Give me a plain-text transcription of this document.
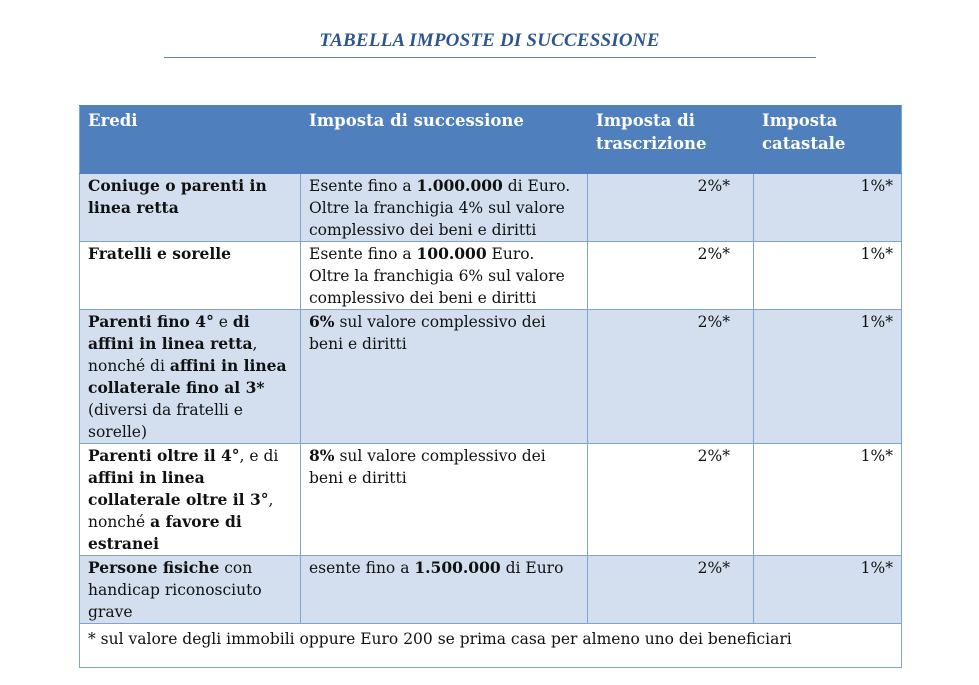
TABELLA IMPOSTE DI SUCCESSIONE
Eredi	Imposta di successione	Imposta di trascrizione	Imposta catastale
Coniuge o parenti in linea retta	Esente fino a 1.000.000 di Euro. Oltre la franchigia 4% sul valore complessivo dei beni e diritti	2%*	1%*
Fratelli e sorelle	Esente fino a 100.000 Euro. Oltre la franchigia 6% sul valore complessivo dei beni e diritti	2%*	1%*
Parenti fino 4° e di affini in linea retta, nonché di affini in linea collaterale fino al 3* (diversi da fratelli e sorelle)	6% sul valore complessivo dei beni e diritti	2%*	1%*
Parenti oltre il 4°, e di affini in linea collaterale oltre il 3°, nonché a favore di estranei	8% sul valore complessivo dei beni e diritti	2%*	1%*
Persone fisiche con handicap riconosciuto grave	esente fino a 1.500.000 di Euro	2%*	1%*
* sul valore degli immobili oppure Euro 200 se prima casa per almeno uno dei beneficiari			
